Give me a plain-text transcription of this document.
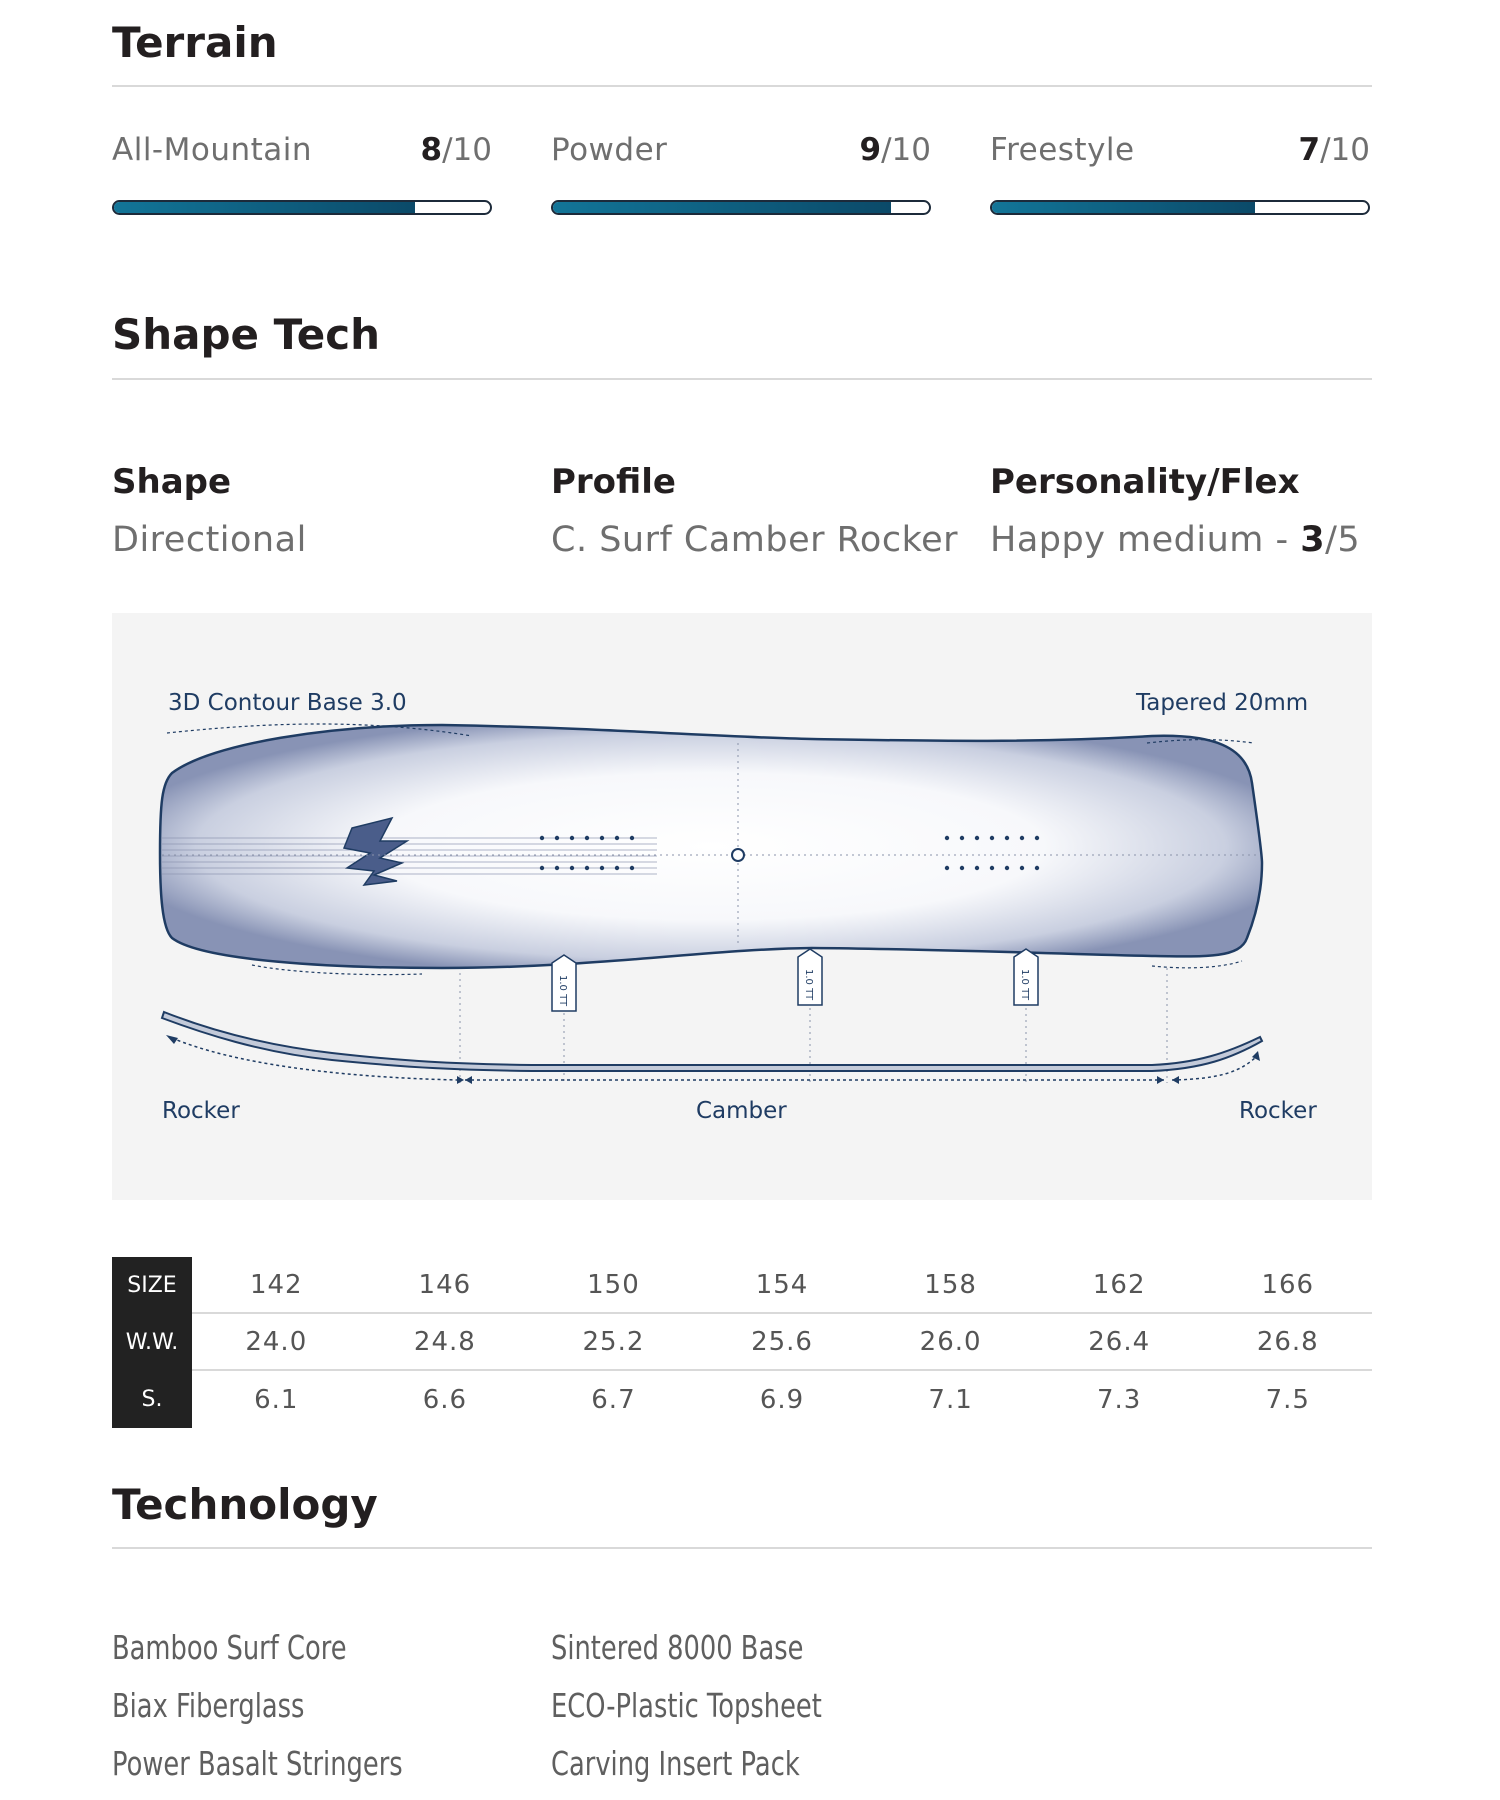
Terrain
All-Mountain	8/10 Powder	9/10 Freestyle	7/10
Shape Tech
Shape
Directional
Profile
C. Surf Camber Rocker
Personality/Flex
Happy medium - 3/5
1.0 TT	1.0 TT	1.0 TT
3D Contour Base 3.0	Tapered 20mm
Rocker	Camber	Rocker
SIZE	142	146	150	154	158	162	166
W.W.	24.0	24.8	25.2	25.6	26.0	26.4	26.8
S.	6.1	6.6	6.7	6.9	7.1	7.3	7.5
Technology
Bamboo Surf Core	Sintered 8000 Base
Biax Fiberglass	ECO-Plastic Topsheet
Power Basalt Stringers	Carving Insert Pack
